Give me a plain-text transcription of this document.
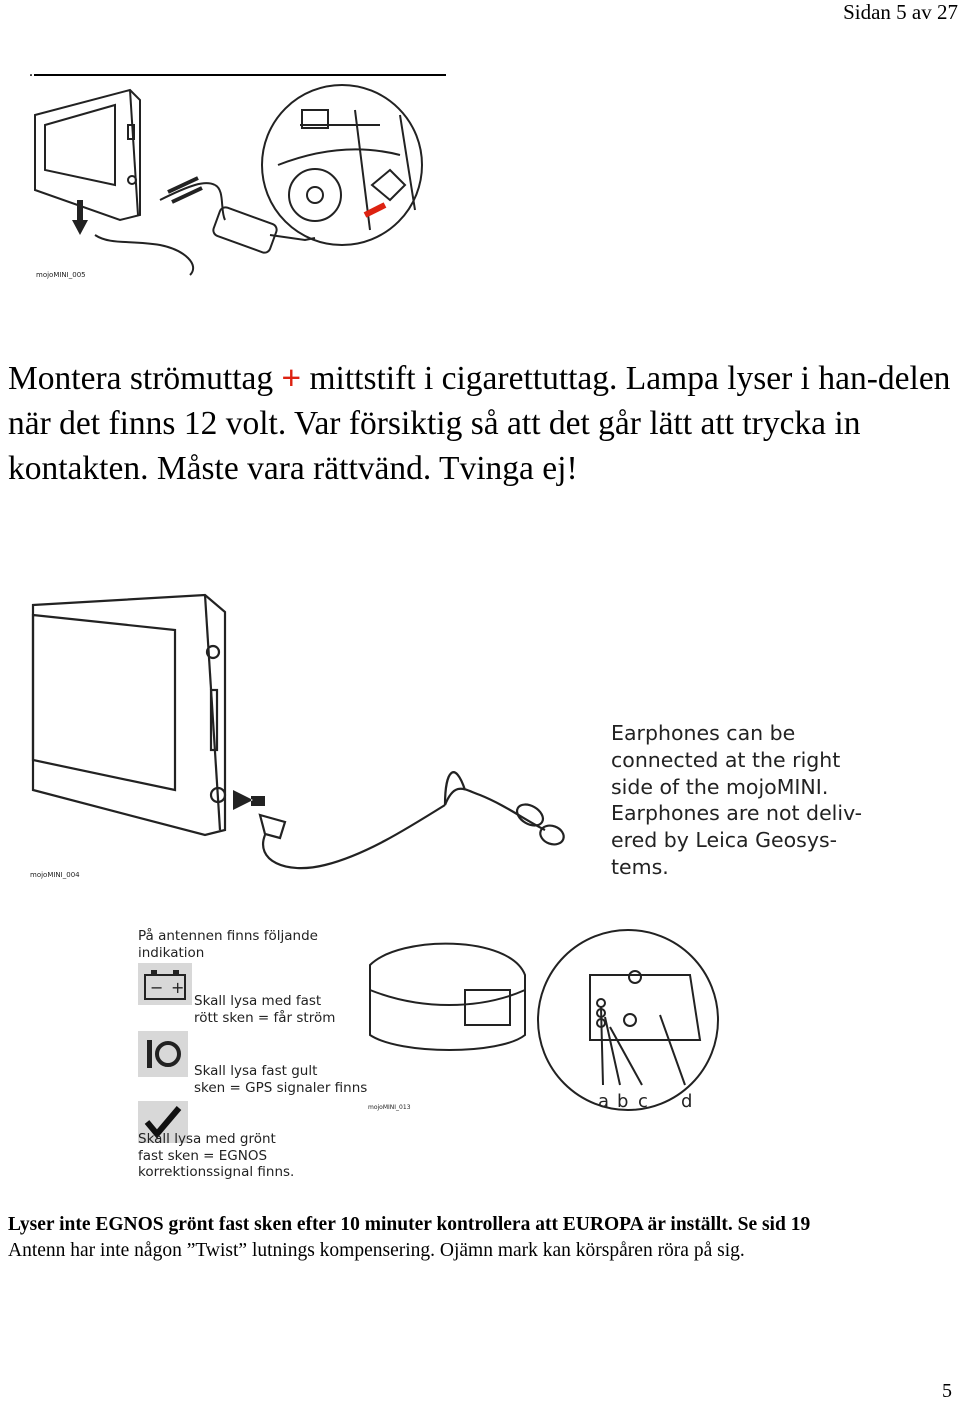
Sidan 5 av 27
.
mojoMINI_005
Montera strömuttag + mittstift i cigarettuttag. Lampa lyser i han-delen när det finns 12 volt. Var försiktig så att det går lätt att trycka in kontakten. Måste vara rättvänd. Tvinga ej!
mojoMINI_004
Earphones can be
connected at the right
side of the mojoMINI.
Earphones are not deliv-
ered by Leica Geosys-
tems.
På antennen finns följande
indikation
− +
Skall lysa med fast
rött sken = får ström
Skall lysa fast gult
sken = GPS signaler finns
Skall lysa med grönt
fast sken = EGNOS
korrektionssignal finns.
a b c d
mojoMINI_013
Lyser inte EGNOS grönt fast sken efter 10 minuter kontrollera att EUROPA är inställt. Se sid 19
Antenn har inte någon ”Twist” lutnings kompensering. Ojämn mark kan körspåren röra på sig.
5
